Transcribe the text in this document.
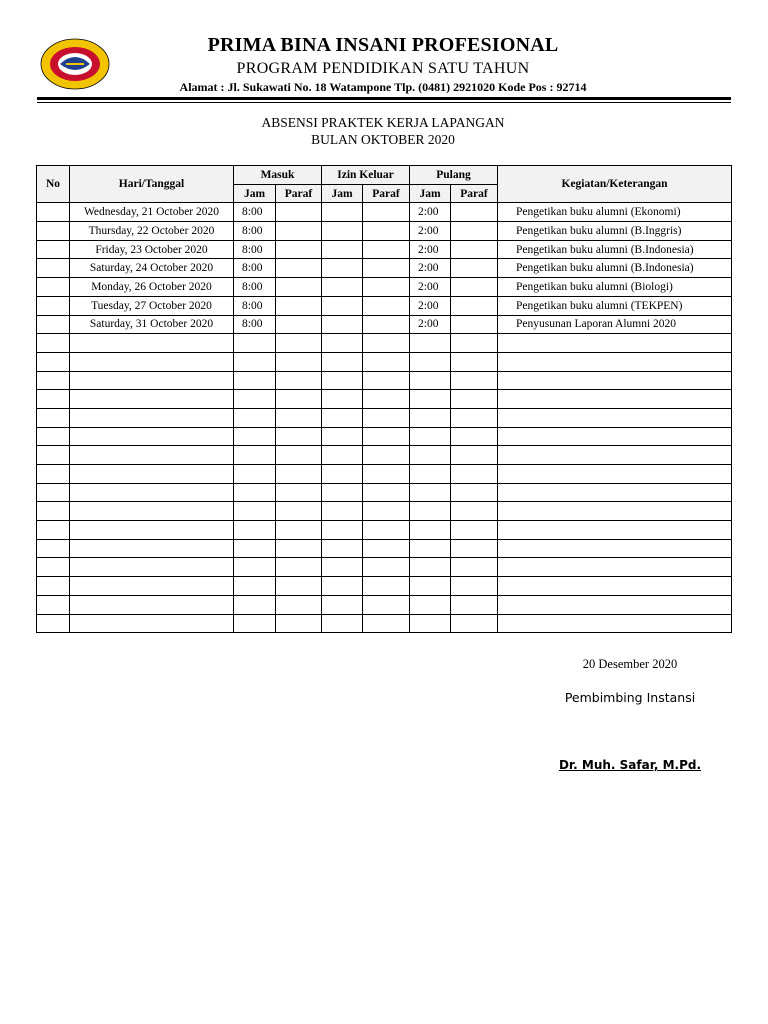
PRIMA BINA INSANI PROFESIONAL
PROGRAM PENDIDIKAN SATU TAHUN
Alamat : Jl. Sukawati No. 18 Watampone Tlp. (0481) 2921020 Kode Pos : 92714
ABSENSI PRAKTEK KERJA LAPANGAN
BULAN OKTOBER 2020
No	Hari/Tanggal	Masuk		Izin Keluar		Pulang		Kegiatan/Keterangan
		Jam	Paraf	Jam	Paraf	Jam	Paraf	
	Wednesday, 21 October 2020	8:00				2:00		Pengetikan buku alumni (Ekonomi)
	Thursday, 22 October 2020	8:00				2:00		Pengetikan buku alumni (B.Inggris)
	Friday, 23 October 2020	8:00				2:00		Pengetikan buku alumni (B.Indonesia)
	Saturday, 24 October 2020	8:00				2:00		Pengetikan buku alumni (B.Indonesia)
	Monday, 26 October 2020	8:00				2:00		Pengetikan buku alumni (Biologi)
	Tuesday, 27 October 2020	8:00				2:00		Pengetikan buku alumni (TEKPEN)
	Saturday, 31 October 2020	8:00				2:00		Penyusunan Laporan Alumni 2020

20 Desember 2020
Pembimbing Instansi
Dr. Muh. Safar, M.Pd.
